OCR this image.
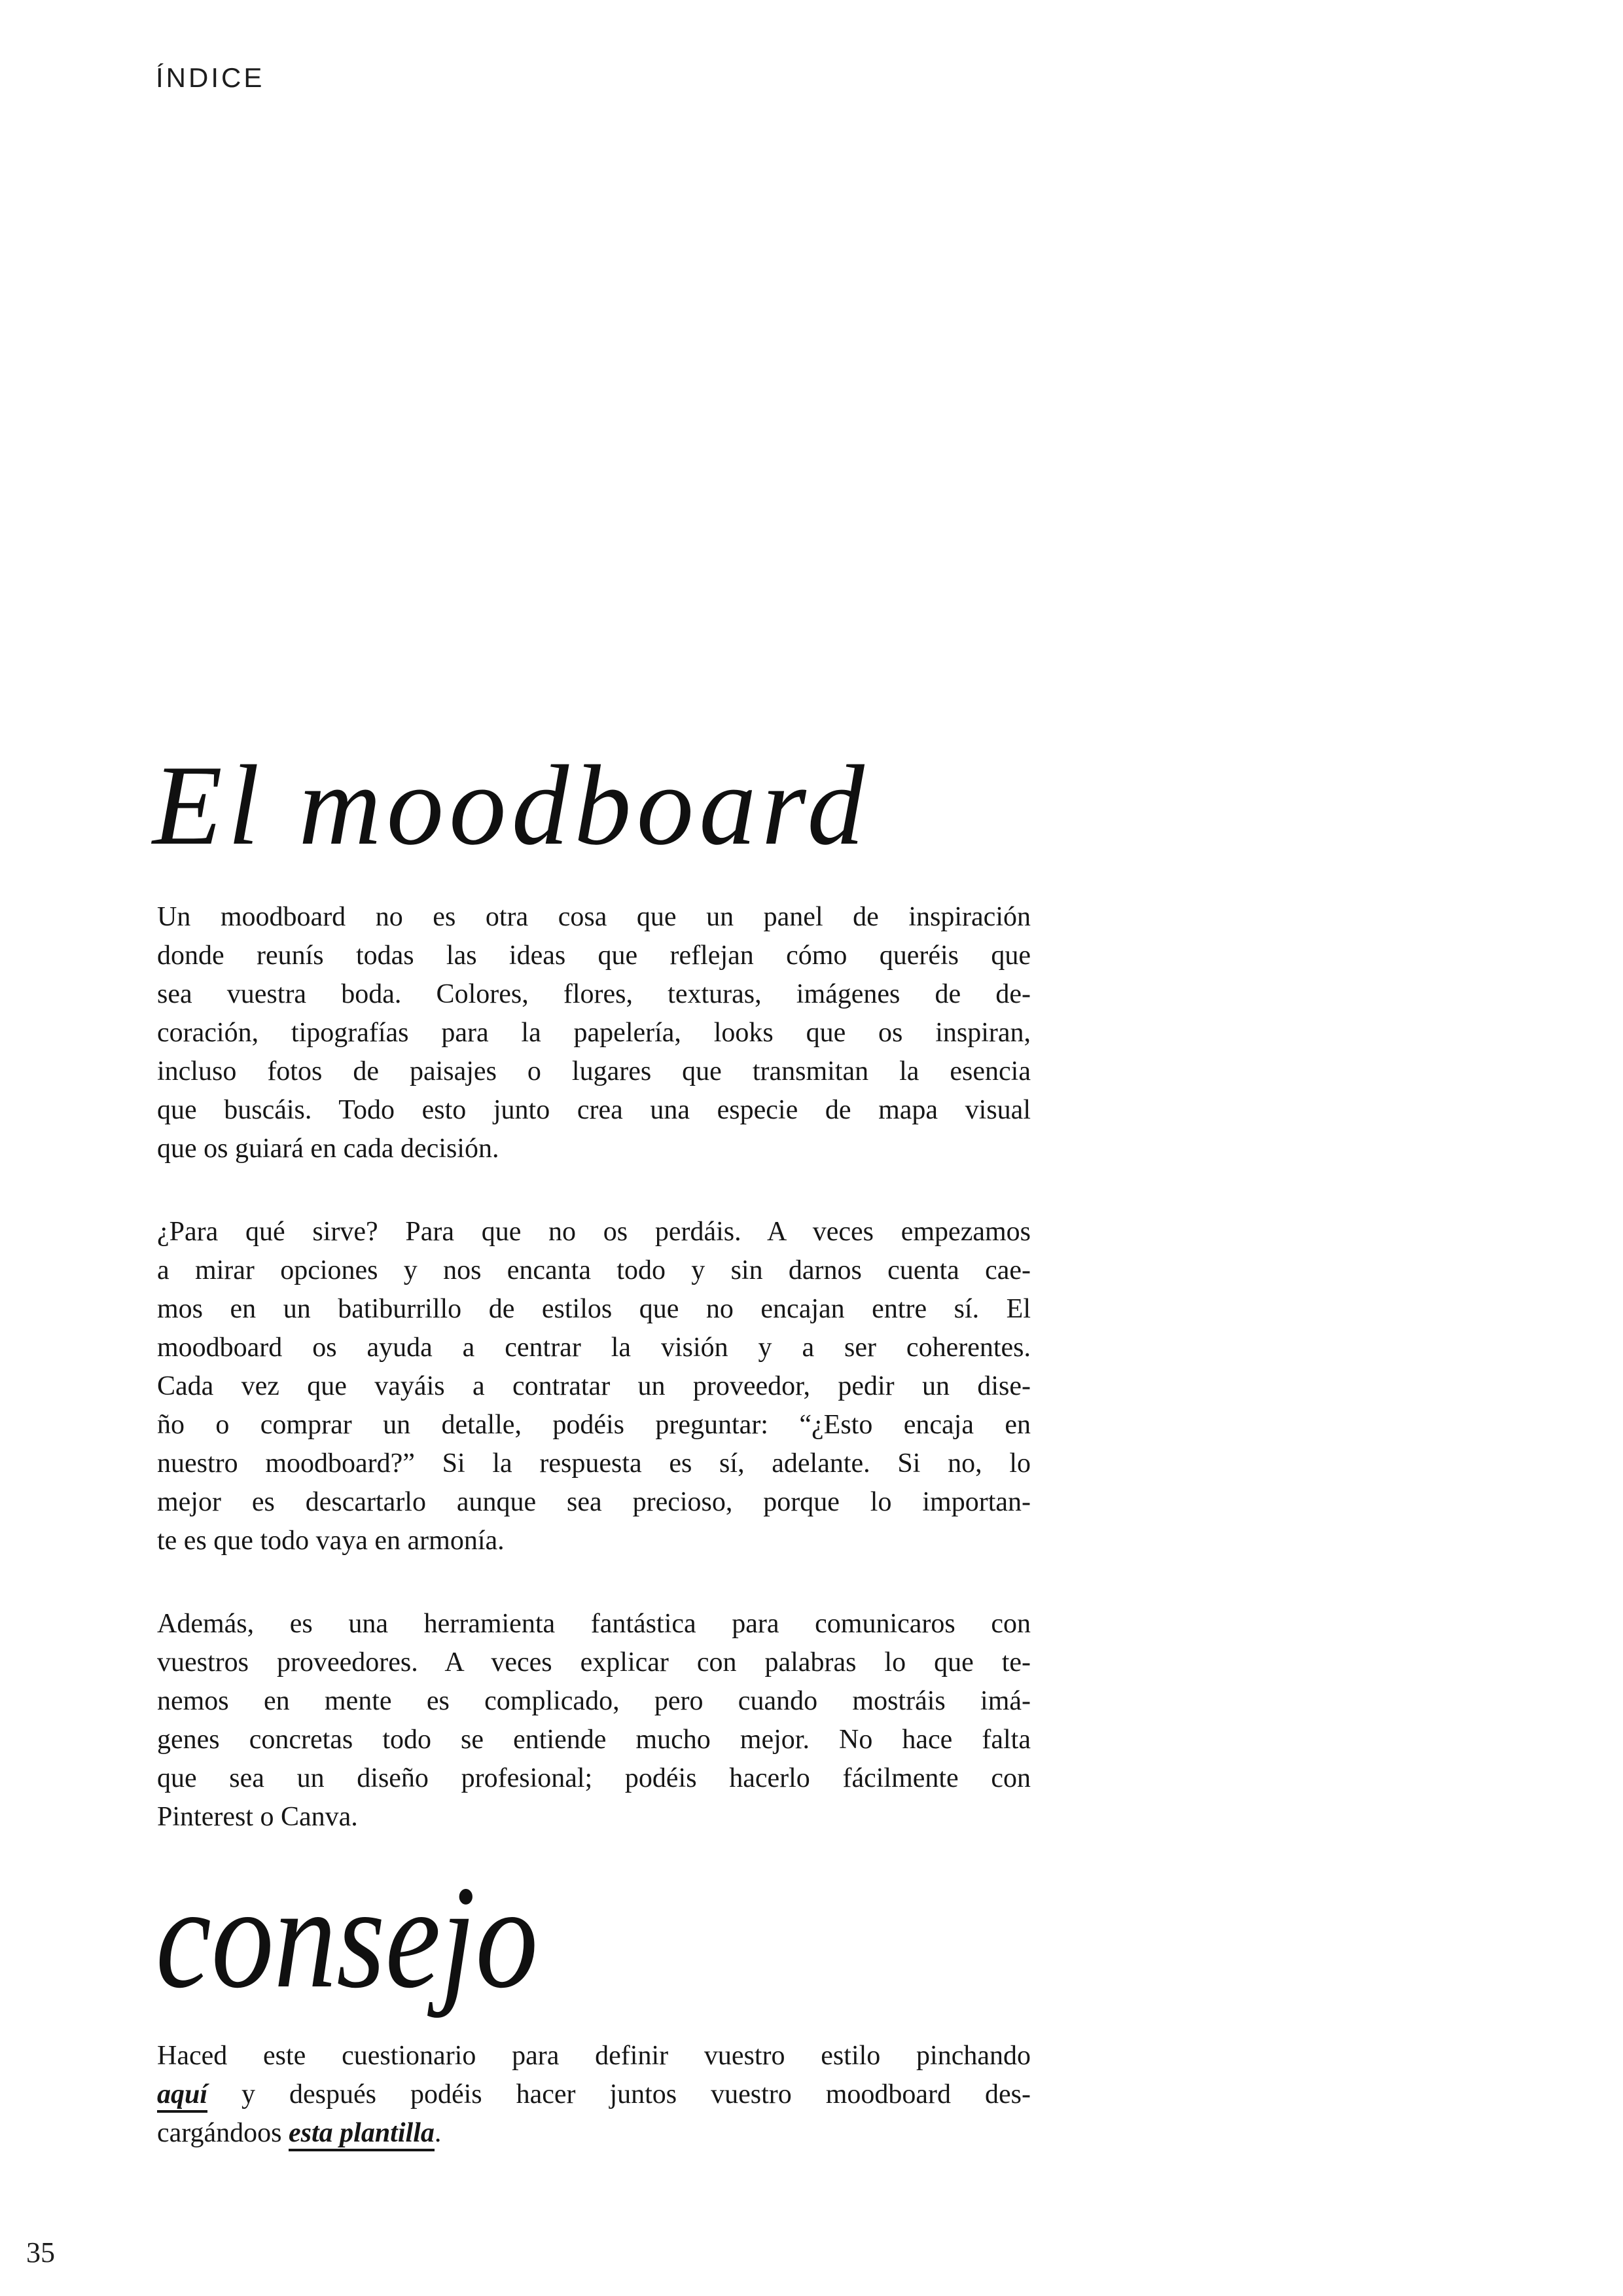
ÍNDICE
El moodboard
Un moodboard no es otra cosa que un panel de inspiración
donde reunís todas las ideas que reflejan cómo queréis que
sea vuestra boda. Colores, flores, texturas, imágenes de de-
coración, tipografías para la papelería, looks que os inspiran,
incluso fotos de paisajes o lugares que transmitan la esencia
que buscáis. Todo esto junto crea una especie de mapa visual
que os guiará en cada decisión.
¿Para qué sirve? Para que no os perdáis. A veces empezamos
a mirar opciones y nos encanta todo y sin darnos cuenta cae-
mos en un batiburrillo de estilos que no encajan entre sí. El
moodboard os ayuda a centrar la visión y a ser coherentes.
Cada vez que vayáis a contratar un proveedor, pedir un dise-
ño o comprar un detalle, podéis preguntar: “¿Esto encaja en
nuestro moodboard?” Si la respuesta es sí, adelante. Si no, lo
mejor es descartarlo aunque sea precioso, porque lo importan-
te es que todo vaya en armonía.
Además, es una herramienta fantástica para comunicaros con
vuestros proveedores. A veces explicar con palabras lo que te-
nemos en mente es complicado, pero cuando mostráis imá-
genes concretas todo se entiende mucho mejor. No hace falta
que sea un diseño profesional; podéis hacerlo fácilmente con
Pinterest o Canva.
consejo
Haced este cuestionario para definir vuestro estilo pinchando
aquí y después podéis hacer juntos vuestro moodboard des-
cargándoos esta plantilla.
35
